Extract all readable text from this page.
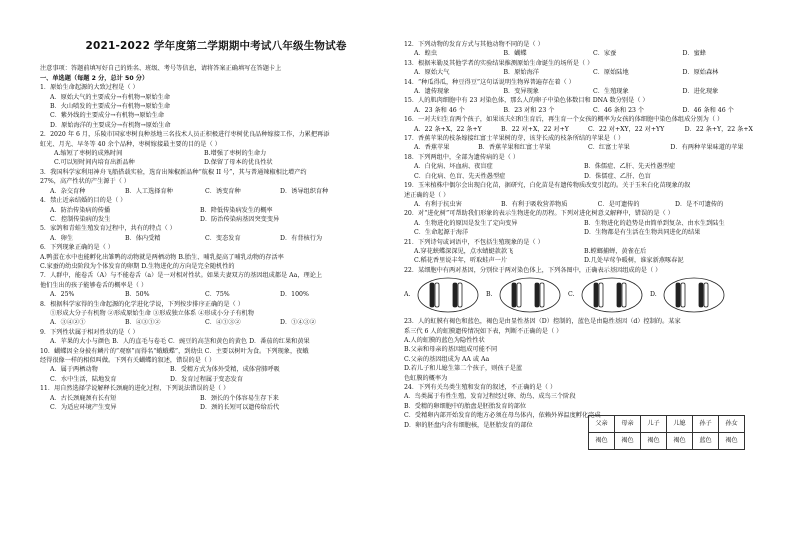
2021-2022 学年度第二学期期中考试八年级生物试卷
注意事项：答题前填写好自己的姓名、班级、考号等信息，请将答案正确填写在答题卡上
一、单选题（每题 2 分，总计 50 分）
1．原始生命起源的大致过程是（ ）
A．原始大气的主要成分→有机物→原始生命
B．火山喷发的主要成分→有机物→原始生命
C．紫外线的主要成分→有机物→原始生命
D．原始海洋的主要成分→有机物→原始生命
2．2020 年 6 月，乐陵市国家枣树良种基地三名技术人员正积极进行枣树优良品种嫁接工作，力累把再添
虹光、月光、早冬等 40 余个品种，枣树嫁接最主要的目的是（ ）
A.缩短了枣树的成熟时间	B.增强了枣树的生命力
C.可以短时间内培育出新品种	D.保留了母本的优良性状
3．我国科学家利用神舟飞船搭载实验，选育出辣椒新品种“航椒 II 号”，其与普通辣椒相比增产约
27%，高产性状的产生源于（ ）
A．杂交育种	B．人工选择育种	C．诱变育种	D．诱导组织育种
4．禁止近亲结婚的目的是（ ）
A．防治传染病的传播	B．降低传染病发生的概率
C．控制传染病的发生	D．防治传染病基因突变变异
5．家鸽和青蛙生殖发育过程中，共有的特点（ ）
A．卵生	B．体内受精	C．变态发育	D．有背核行为
6．下列现象正确的是（ ）
A.鸭蛋在水中也能孵化出雏鸭的动物就是两栖动物 B.胎生、哺乳提高了哺乳动物的存活率
C.家蚕的幼虫阶段为个体发育的卵期 D.生物进化的方向是完全随机性的
7．人群中，能卷舌（A）与不能卷舌（a）是一对相对性状。如果夫妻双方的基因组成都是 Aa，理论上
他们生出的孩子能够卷舌的概率是（ ）
A．25%	B．50%	C．75%	D．100%
8．根据科学家得的生命起源的化学进化学说，下列按步排序正确的是（ ）
①形成大分子有机物 ②形成原始生命 ③形成独立体系 ④形成小分子有机物
A．③④②①	B．④③①②	C．④①③②	D．①④③②
9．下列性状属于相对性状的是（ ）
A．苹果的大小与颜色 B．人的直毛与卷毛 C．豌豆的高茎和黄色的黄色 D．番茄的红果和黄果
10．蝴蝶因全身披有鳞片的“观察”而得名“蛾蛾蝶”，到幼虫 C．主要以树叶为食。下列现象，夜蛾
经得很像一样的相似叫做。下列有关蝴蝶的叙述，错误的是（ ）
A．属于两栖动物	B．受精方式为体外受精，成体营肺呼吸
C．水中生活，陆地发育	D．发育过程属于变态发育
11．用自然选择学说解释长颈鹿的进化过程，下列说法错误的是（ ）
A．古长颈鹿颈有长有短	B．颈长的个体容易生存下来
C．为适应环境产生变异	D．颈的长短可以遗传给后代
12．下列动物的发育方式与其他动物不同的是（ ）
A．蝗虫	B．蝴蝶	C．家蚕	D．蜜蜂
13．根据米勒及其他学者的实验结果推测原始生命诞生的场所是（ ）
A．原始大气	B．原始海洋	C．原始陆地	D．原始森林
14．“种瓜得瓜，种豆得豆”这句话说明生物界普遍存在着（ ）
A．遗传现象	B．变异现象	C．生殖现象	D．进化现象
15．人的肌肉细胞中有 23 对染色体，那么人的卵子中染色体数目和 DNA 数分别是（ ）
A．23 条和 46 个	B．23 对和 23 个	C．46 条和 23 个	D．46 条和 46 个
16．一对夫妇生育两个孩子，如果该夫妇和生育后，再生育一个女孩的概率为女孩的体细胞中染色体组成分别为（ ）
A．22 条+X，22 条+Y	B．22 对+X，22 对+Y	C．22 对+XY，22 对+YY	D．22 条+Y，22 条+X
17．香蕉苹果的枝条嫁接红富士苹果树的芽，该芽长成的枝条所结的苹果是（ ）
A．香蕉苹果	B．香蕉苹果和红富士苹果	C．红富士苹果	D．有两种苹果味道的苹果
18．下列两组中，全部为遗传病的是（ ）
A．白化病、坏血病、夜盲症	B．侏儒症、乙肝、先天性愚型症
C．白化病、色盲、先天性愚型症	D．侏儒症、乙肝、色盲
19．玉米植株中偶尔会出现白化苗，据研究，白化苗是有遗传物质改变引起的。关于玉米白化苗现象的叙
述正确的是（ ）
A．有利于抗虫害	B．有利于吸收营养物质	C．是可遗传的	D．是不可遗传的
20．对“进化树”可帮助我们形象的表示生物进化的历程。下列对进化树意义解释中，错误的是（ ）
A．生物进化的原因是发生了定向变异	B．生物进化的趋势是由简单到复杂、由水生到陆生
C．生命起源于海洋	D．生物都是有生活在生物共同进化的结果
21．下列诗句或词语中，不包括生殖现象的是（ ）
A.穿花蛱蝶深深见，点水蜻蜓款款飞	B.螳螂捕蝉，黄雀在后
C.稻花香里说丰年，听取蛙声一片	D.几处早莺争暖树，谁家新燕啄春泥
22．某细胞中有两对基因，分别位于两对染色体上，下列各图中，正确表示基因组成的是（ ）
A.	B.	C.	D.
23．人的虹膜有褐色和蓝色，褐色是由显性基因（D）控制的，蓝色是由隐性基因（d）控制的。某家
系三代 6 人的虹膜遗传情况如下表，判断不正确的是（ ）
A.人的虹膜的蓝色为隐性性状
B.父亲和母亲的基因组成可能不同
C.父亲的基因组成为 AA 或 Aa
D.若儿子和儿媳生第二个孩子，则孩子是蓝
色虹膜的概率为
24．下列有关鸟类生殖和发育的叙述，不正确的是（ ）
A．鸟类属于有性生殖，发育过程经过卵、幼鸟、成鸟三个阶段
B．受精的卵细胞中的胎盘是胚胎发育的部位
C．受精卵内部开始发育的地方必须在母鸟体内，依赖外界温度孵化完成
D．卵的胚盘内含有细胞核，是胚胎发育的部位	父亲	母亲	儿子	儿媳	孙子	孙女
褐色	褐色	褐色	褐色	蓝色	褐色
